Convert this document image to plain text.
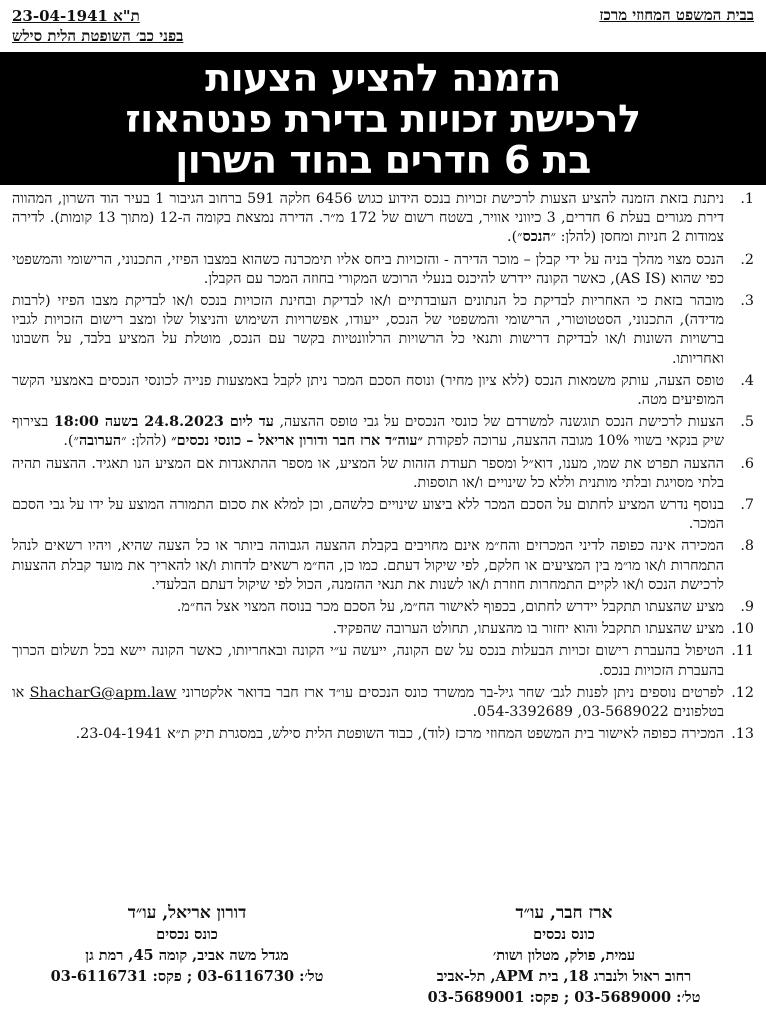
בבית המשפט המחוזי מרכז
ת"א 23-04-1941
בפני כב׳ השופטת הלית סילש
הזמנה להציע הצעות
לרכישת זכויות בדירת פנטהאוז
בת 6 חדרים בהוד השרון
1.
ניתנת בזאת הזמנה להציע הצעות לרכישת זכויות בנכס הידוע כגוש 6456 חלקה 591 ברחוב הגיבור 1 בעיר הוד השרון, המהווה דירת מגורים בעלת 6 חדרים, 3 כיווני אוויר, בשטח רשום של 172 מ״ר. הדירה נמצאת בקומה ה-12 (מתוך 13 קומות). לדירה צמודות 2 חניות ומחסן (להלן: ״הנכס״).
2.
הנכס מצוי מהלך בניה על ידי קבלן – מוכר הדירה - והזכויות ביחס אליו תימכרנה כשהוא במצבו הפיזי, התכנוני, הרישומי והמשפטי כפי שהוא (AS IS), כאשר הקונה יידרש להיכנס בנעלי הרוכש המקורי בחוזה המכר עם הקבלן.
3.
מובהר בזאת כי האחריות לבדיקת כל הנתונים העובדתיים ו/או לבדיקת ובחינת הזכויות בנכס ו/או לבדיקת מצבו הפיזי (לרבות מדידה), התכנוני, הסטטוטורי, הרישומי והמשפטי של הנכס, ייעודו, אפשרויות השימוש והניצול שלו ומצב רישום הזכויות לגביו ברשויות השונות ו/או לבדיקת דרישות ותנאי כל הרשויות הרלוונטיות בקשר עם הנכס, מוטלת על המציע בלבד, על חשבונו ואחריותו.
4.
טופס הצעה, עותק משמאות הנכס (ללא ציון מחיר) ונוסח הסכם המכר ניתן לקבל באמצעות פנייה לכונסי הנכסים באמצעי הקשר המופיעים מטה.
5.
הצעות לרכישת הנכס תוגשנה למשרדם של כונסי הנכסים על גבי טופס ההצעה, עד ליום 24.8.2023 בשעה 18:00 בצירוף שיק בנקאי בשווי 10% מגובה ההצעה, ערוכה לפקודת ״עוה״ד ארז חבר ודורון אריאל – כונסי נכסים״ (להלן: ״הערובה״).
6.
ההצעה תפרט את שמו, מענו, דוא״ל ומספר תעודת הזהות של המציע, או מספר ההתאגדות אם המציע הנו תאגיד. ההצעה תהיה בלתי מסויגת ובלתי מותנית וללא כל שינויים ו/או תוספות.
7.
בנוסף נדרש המציע לחתום על הסכם המכר ללא ביצוע שינויים כלשהם, וכן למלא את סכום התמורה המוצע על ידו על גבי הסכם המכר.
8.
המכירה אינה כפופה לדיני המכרזים והח״מ אינם מחויבים בקבלת ההצעה הגבוהה ביותר או כל הצעה שהיא, ויהיו רשאים לנהל התמחרות ו/או מו״מ בין המציעים או חלקם, לפי שיקול דעתם. כמו כן, הח״מ רשאים לדחות ו/או להאריך את מועד קבלת ההצעות לרכישת הנכס ו/או לקיים התמחרות חוזרת ו/או לשנות את תנאי ההזמנה, הכול לפי שיקול דעתם הבלעדי.
9.
מציע שהצעתו תתקבל יידרש לחתום, בכפוף לאישור הח״מ, על הסכם מכר בנוסח המצוי אצל הח״מ.
10.
מציע שהצעתו תתקבל והוא יחזור בו מהצעתו, תחולט הערובה שהפקיד.
11.
הטיפול בהעברת רישום זכויות הבעלות בנכס על שם הקונה, ייעשה ע״י הקונה ובאחריותו, כאשר הקונה יישא בכל תשלום הכרוך בהעברת הזכויות בנכס.
12.
לפרטים נוספים ניתן לפנות לגב׳ שחר גיל-בר ממשרד כונס הנכסים עו״ד ארז חבר בדואר אלקטרוני ShacharG@apm.law או בטלפונים 03-5689022, 054-3392689.
13.
המכירה כפופה לאישור בית המשפט המחוזי מרכז (לוד), כבוד השופטת הלית סילש, במסגרת תיק ת״א 23-04-1941.
ארז חבר, עו״ד
כונס נכסים
עמית, פולק, מטלון ושות׳
רחוב ראול ולנברג 18, בית APM, תל-אביב
טל׳: 03-5689000 ; פקס: 03-5689001
דורון אריאל, עו״ד
כונס נכסים
מגדל משה אביב, קומה 45, רמת גן
טל׳: 03-6116730 ; פקס: 03-6116731
